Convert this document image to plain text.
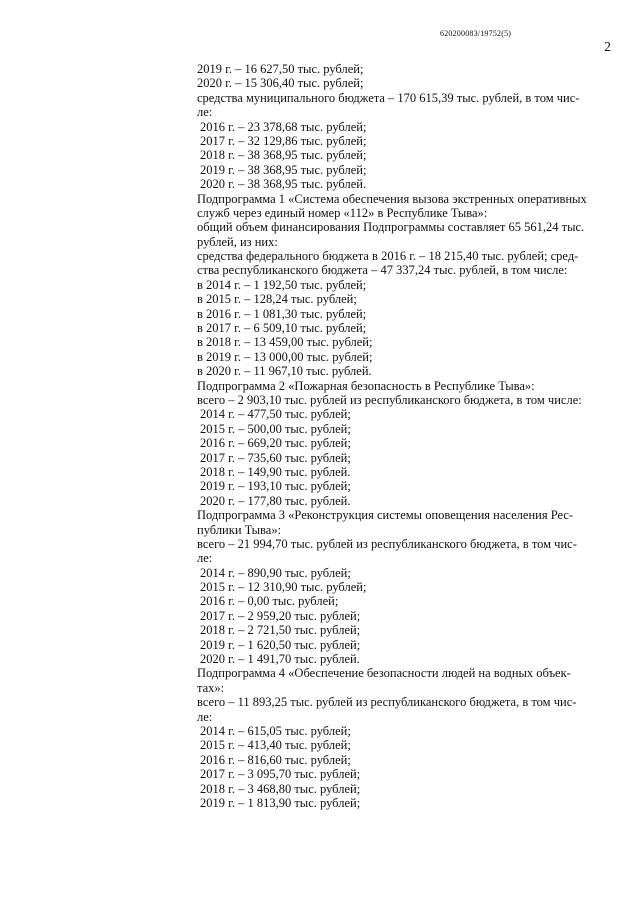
620200083/19752(5)
2
2019 г. – 16 627,50 тыс. рублей;
2020 г. – 15 306,40 тыс. рублей;
средства муниципального бюджета – 170 615,39 тыс. рублей, в том чис-
ле:
2016 г. – 23 378,68 тыс. рублей;
2017 г. – 32 129,86 тыс. рублей;
2018 г. – 38 368,95 тыс. рублей;
2019 г. – 38 368,95 тыс. рублей;
2020 г. – 38 368,95 тыс. рублей.
Подпрограмма 1 «Система обеспечения вызова экстренных оперативных
служб через единый номер «112» в Республике Тыва»:
общий объем финансирования Подпрограммы составляет 65 561,24 тыс.
рублей, из них:
средства федерального бюджета в 2016 г. – 18 215,40 тыс. рублей; сред-
ства республиканского бюджета – 47 337,24 тыс. рублей, в том числе:
в 2014 г. – 1 192,50 тыс. рублей;
в 2015 г. – 128,24 тыс. рублей;
в 2016 г. – 1 081,30 тыс. рублей;
в 2017 г. – 6 509,10 тыс. рублей;
в 2018 г. – 13 459,00 тыс. рублей;
в 2019 г. – 13 000,00 тыс. рублей;
в 2020 г. – 11 967,10 тыс. рублей.
Подпрограмма 2 «Пожарная безопасность в Республике Тыва»:
всего – 2 903,10 тыс. рублей из республиканского бюджета, в том числе:
2014 г. – 477,50 тыс. рублей;
2015 г. – 500,00 тыс. рублей;
2016 г. – 669,20 тыс. рублей;
2017 г. – 735,60 тыс. рублей;
2018 г. – 149,90 тыс. рублей.
2019 г. – 193,10 тыс. рублей;
2020 г. – 177,80 тыс. рублей.
Подпрограмма 3 «Реконструкция системы оповещения населения Рес-
публики Тыва»:
всего – 21 994,70 тыс. рублей из республиканского бюджета, в том чис-
ле:
2014 г. – 890,90 тыс. рублей;
2015 г. – 12 310,90 тыс. рублей;
2016 г. – 0,00 тыс. рублей;
2017 г. – 2 959,20 тыс. рублей;
2018 г. – 2 721,50 тыс. рублей;
2019 г. – 1 620,50 тыс. рублей;
2020 г. – 1 491,70 тыс. рублей.
Подпрограмма 4 «Обеспечение безопасности людей на водных объек-
тах»:
всего – 11 893,25 тыс. рублей из республиканского бюджета, в том чис-
ле:
2014 г. – 615,05 тыс. рублей;
2015 г. – 413,40 тыс. рублей;
2016 г. – 816,60 тыс. рублей;
2017 г. – 3 095,70 тыс. рублей;
2018 г. – 3 468,80 тыс. рублей;
2019 г. – 1 813,90 тыс. рублей;
